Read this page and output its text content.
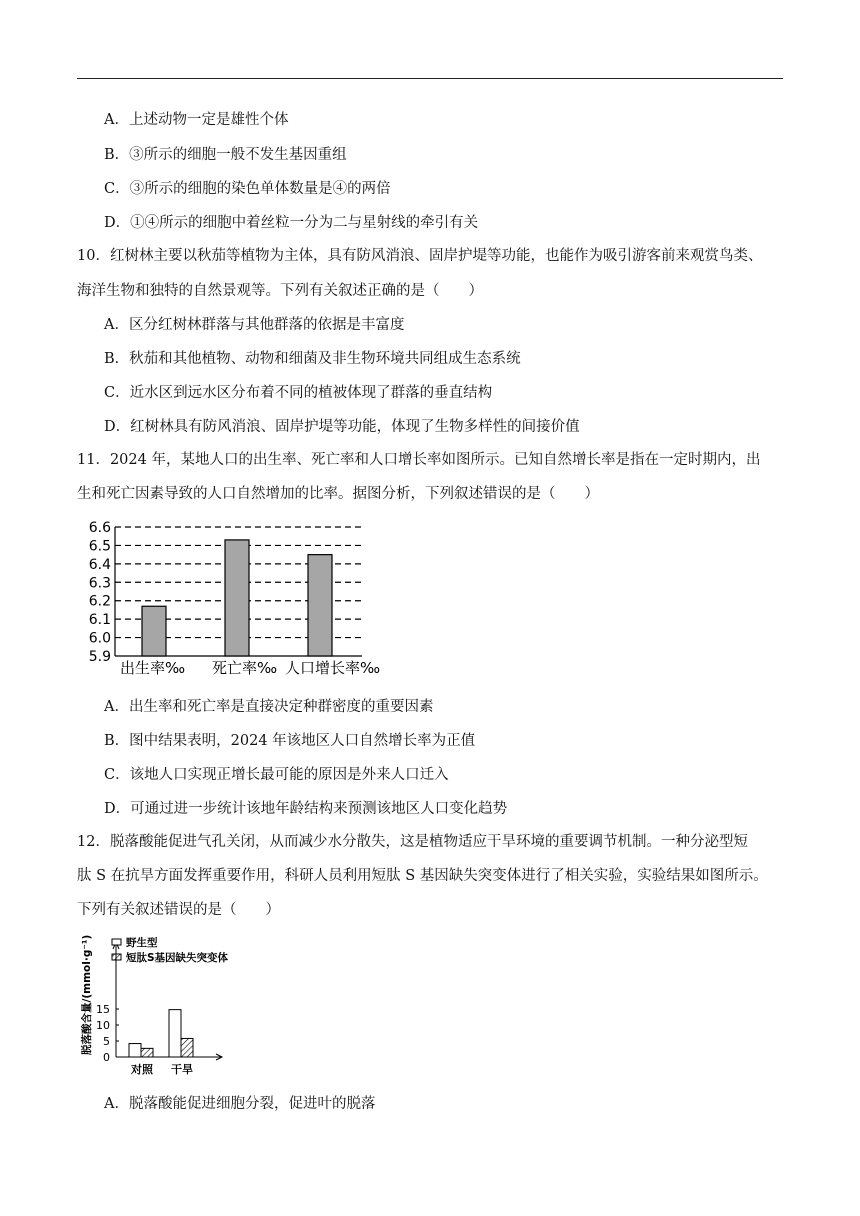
A．上述动物一定是雄性个体
B．③所示的细胞一般不发生基因重组
C．③所示的细胞的染色单体数量是④的两倍
D．①④所示的细胞中着丝粒一分为二与星射线的牵引有关
10．红树林主要以秋茄等植物为主体，具有防风消浪、固岸护堤等功能，也能作为吸引游客前来观赏鸟类、
海洋生物和独特的自然景观等。下列有关叙述正确的是（　　）
A．区分红树林群落与其他群落的依据是丰富度
B．秋茄和其他植物、动物和细菌及非生物环境共同组成生态系统
C．近水区到远水区分布着不同的植被体现了群落的垂直结构
D．红树林具有防风消浪、固岸护堤等功能，体现了生物多样性的间接价值
11．2024 年，某地人口的出生率、死亡率和人口增长率如图所示。已知自然增长率是指在一定时期内，出
生和死亡因素导致的人口自然增加的比率。据图分析，下列叙述错误的是（　　）
6.6
6.5
6.4
6.3
6.2
6.1
6.0
5.9
出生率‰ 死亡率‰ 人口增长率‰
A．出生率和死亡率是直接决定种群密度的重要因素
B．图中结果表明，2024 年该地区人口自然增长率为正值
C．该地人口实现正增长最可能的原因是外来人口迁入
D．可通过进一步统计该地年龄结构来预测该地区人口变化趋势
12．脱落酸能促进气孔关闭，从而减少水分散失，这是植物适应干旱环境的重要调节机制。一种分泌型短
肽 S 在抗旱方面发挥重要作用，科研人员利用短肽 S 基因缺失突变体进行了相关实验，实验结果如图所示。
下列有关叙述错误的是（　　）
0
5
10
15
脱落酸含量/(mmol·g⁻¹)	野生型
短肽S基因缺失突变体
对照 干旱
A．脱落酸能促进细胞分裂，促进叶的脱落
